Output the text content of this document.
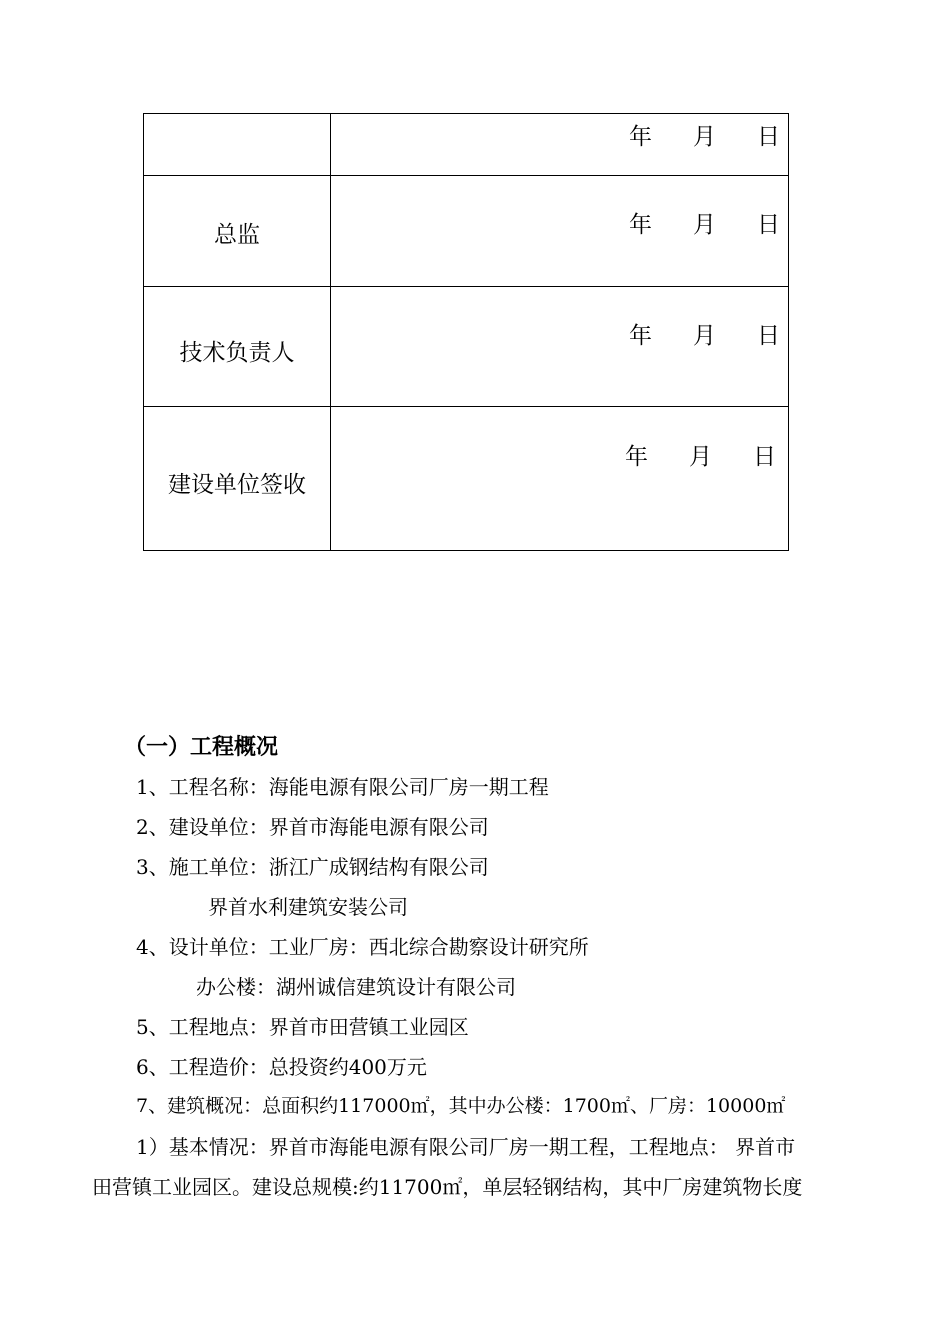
	年 月 日

总监	年 月 日

技术负责人	年 月 日

建设单位签收	年 月 日
（一）工程概况
1、工程名称：海能电源有限公司厂房一期工程
2、建设单位：界首市海能电源有限公司
3、施工单位：浙江广成钢结构有限公司
界首水利建筑安装公司
4、设计单位：工业厂房：西北综合勘察设计研究所
办公楼：湖州诚信建筑设计有限公司
5、工程地点：界首市田营镇工业园区
6、工程造价：总投资约400万元
7、建筑概况：总面积约117000㎡，其中办公楼：1700㎡、厂房：10000㎡
1）基本情况：界首市海能电源有限公司厂房一期工程，工程地点： 界首市
田营镇工业园区。建设总规模:约11700㎡，单层轻钢结构，其中厂房建筑物长度
